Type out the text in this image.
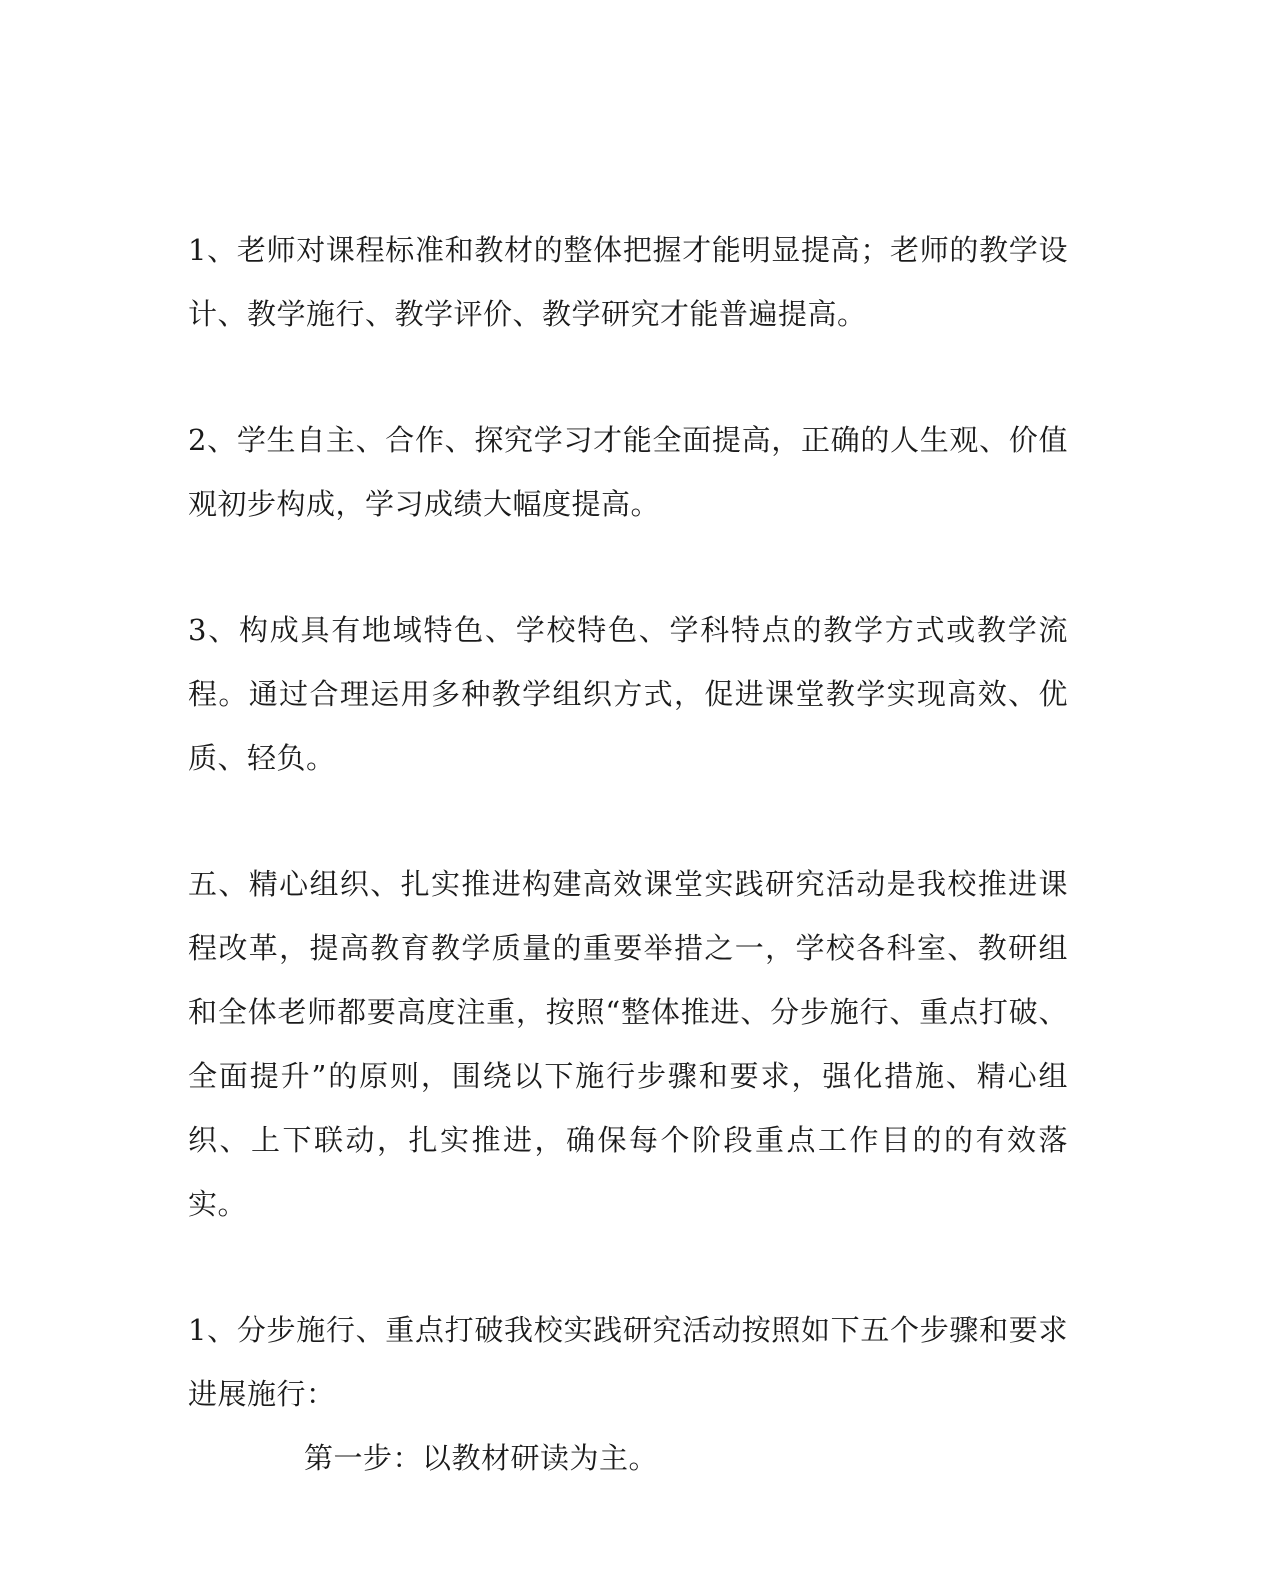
1、老师对课程标准和教材的整体把握才能明显提高；老师的教学设计、教学施行、教学评价、教学研究才能普遍提高。

2、学生自主、合作、探究学习才能全面提高，正确的人生观、价值观初步构成，学习成绩大幅度提高。

3、构成具有地域特色、学校特色、学科特点的教学方式或教学流程。通过合理运用多种教学组织方式，促进课堂教学实现高效、优质、轻负。

五、精心组织、扎实推进构建高效课堂实践研究活动是我校推进课程改革，提高教育教学质量的重要举措之一，学校各科室、教研组和全体老师都要高度注重，按照“整体推进、分步施行、重点打破、全面提升”的原则，围绕以下施行步骤和要求，强化措施、精心组织、上下联动，扎实推进，确保每个阶段重点工作目的的有效落实。

1、分步施行、重点打破我校实践研究活动按照如下五个步骤和要求进展施行：

第一步：以教材研读为主。
